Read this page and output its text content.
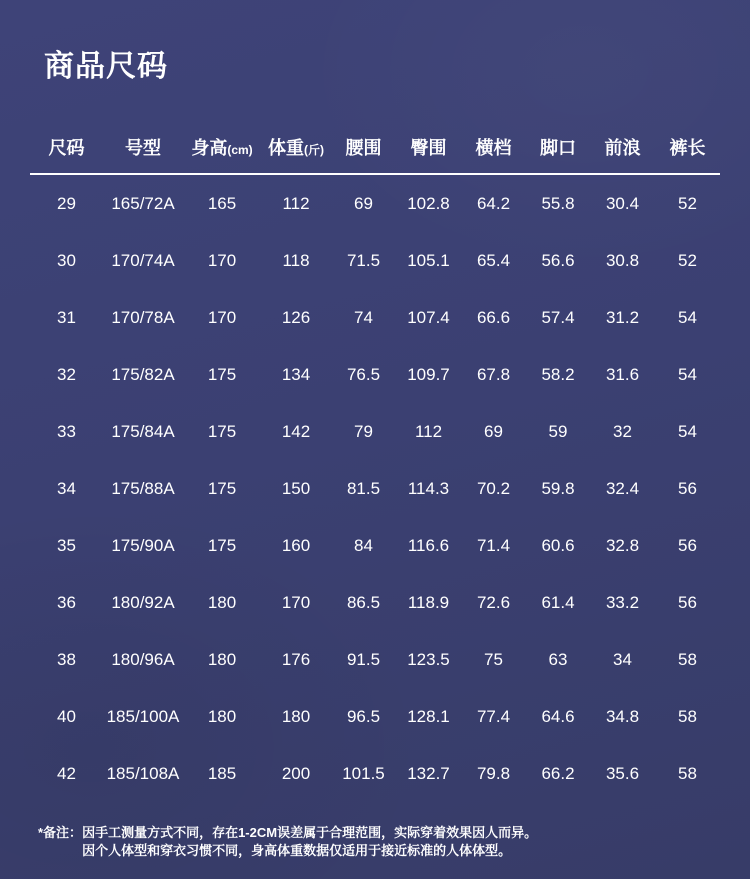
商品尺码
尺码	号型	身高(cm)	体重(斤)	腰围	臀围	横档	脚口	前浪	裤长
29	165/72A	165	112	69	102.8	64.2	55.8	30.4	52
30	170/74A	170	118	71.5	105.1	65.4	56.6	30.8	52
31	170/78A	170	126	74	107.4	66.6	57.4	31.2	54
32	175/82A	175	134	76.5	109.7	67.8	58.2	31.6	54
33	175/84A	175	142	79	112	69	59	32	54
34	175/88A	175	150	81.5	114.3	70.2	59.8	32.4	56
35	175/90A	175	160	84	116.6	71.4	60.6	32.8	56
36	180/92A	180	170	86.5	118.9	72.6	61.4	33.2	56
38	180/96A	180	176	91.5	123.5	75	63	34	58
40	185/100A	180	180	96.5	128.1	77.4	64.6	34.8	58
42	185/108A	185	200	101.5	132.7	79.8	66.2	35.6	58
*备注： 因手工测量方式不同，存在1-2CM误差属于合理范围，实际穿着效果因人而异。
因个人体型和穿衣习惯不同，身高体重数据仅适用于接近标准的人体体型。
